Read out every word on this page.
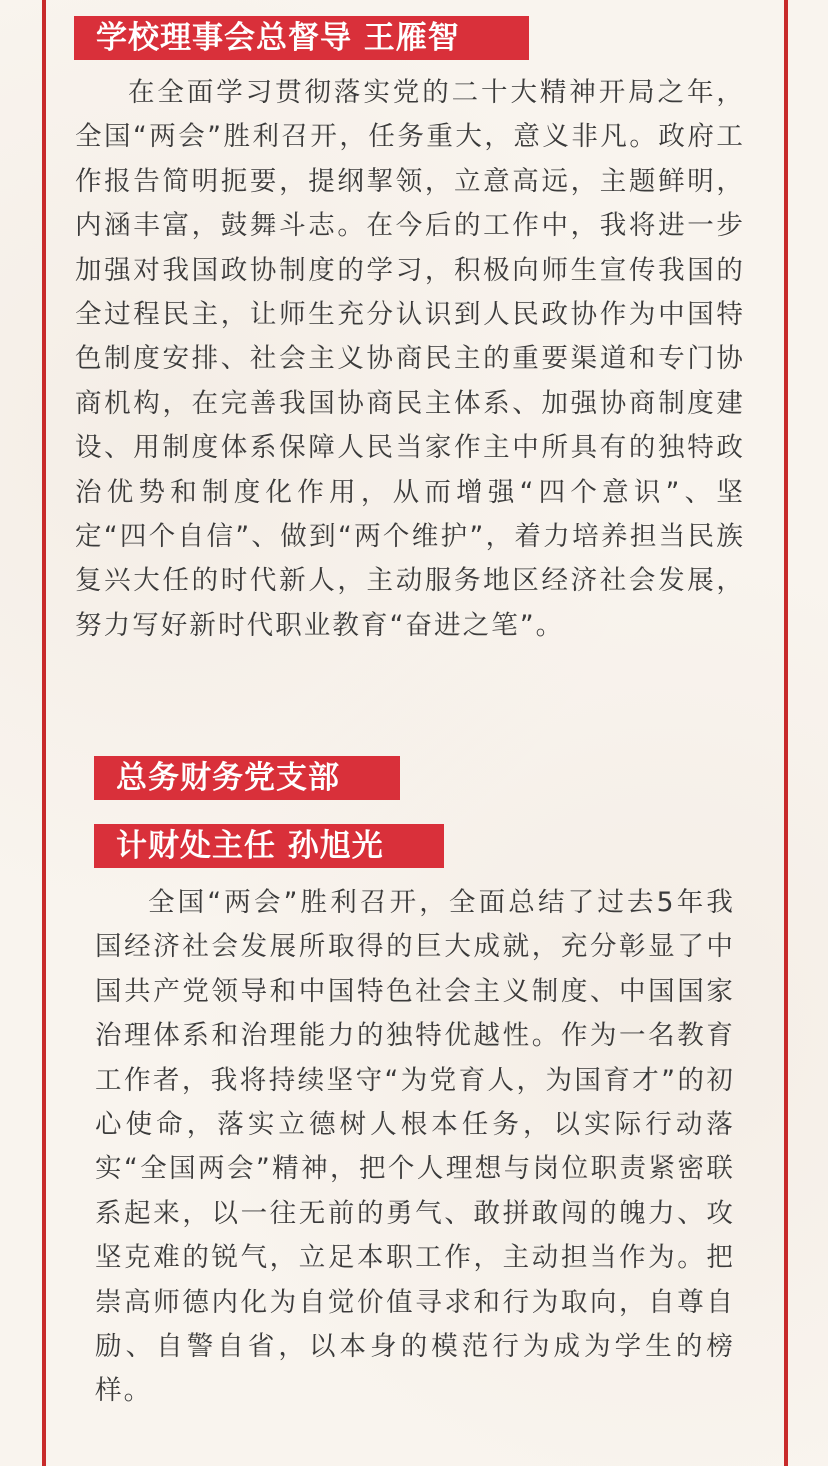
学校理事会总督导 王雁智
在全面学习贯彻落实党的二十大精神开局之年，全国“两会”胜利召开，任务重大，意义非凡。政府工作报告简明扼要，提纲挈领，立意高远，主题鲜明，内涵丰富，鼓舞斗志。在今后的工作中，我将进一步加强对我国政协制度的学习，积极向师生宣传我国的全过程民主，让师生充分认识到人民政协作为中国特色制度安排、社会主义协商民主的重要渠道和专门协商机构，在完善我国协商民主体系、加强协商制度建设、用制度体系保障人民当家作主中所具有的独特政治优势和制度化作用，从而增强“四个意识”、坚定“四个自信”、做到“两个维护”，着力培养担当民族复兴大任的时代新人，主动服务地区经济社会发展，努力写好新时代职业教育“奋进之笔”。
总务财务党支部
计财处主任 孙旭光
全国“两会”胜利召开，全面总结了过去5年我国经济社会发展所取得的巨大成就，充分彰显了中国共产党领导和中国特色社会主义制度、中国国家治理体系和治理能力的独特优越性。作为一名教育工作者，我将持续坚守“为党育人，为国育才”的初心使命，落实立德树人根本任务，以实际行动落实“全国两会”精神，把个人理想与岗位职责紧密联系起来，以一往无前的勇气、敢拼敢闯的魄力、攻坚克难的锐气，立足本职工作，主动担当作为。把崇高师德内化为自觉价值寻求和行为取向，自尊自励、自警自省，以本身的模范行为成为学生的榜样。
